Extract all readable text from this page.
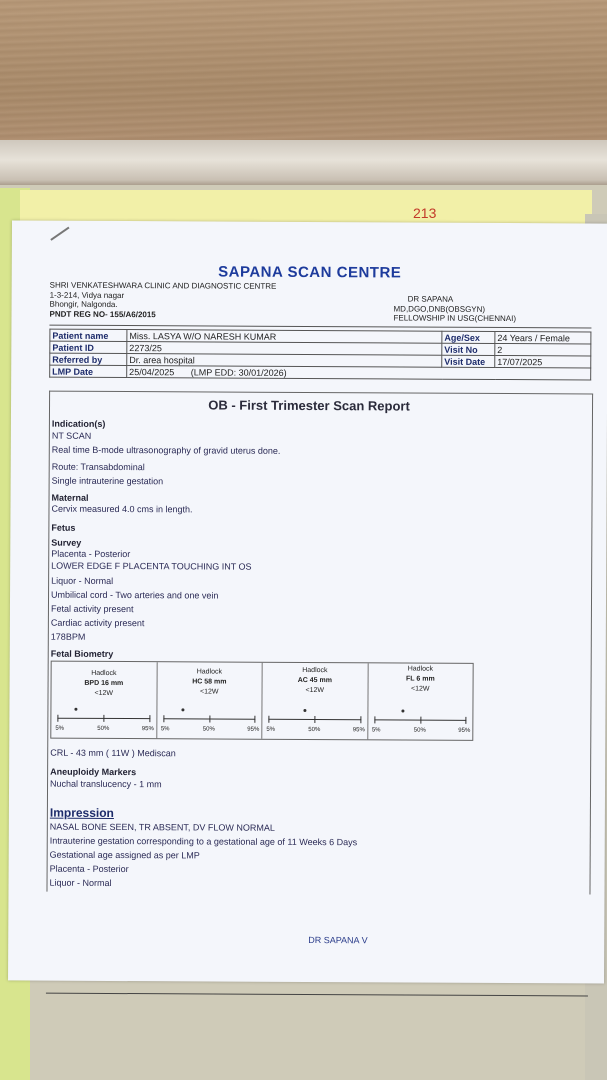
213
SAPANA SCAN CENTRE
SHRI VENKATESHWARA CLINIC AND DIAGNOSTIC CENTRE
1-3-214, Vidya nagar
Bhongir, Nalgonda.
PNDT REG NO- 155/A6/2015
DR SAPANA
MD,DGO,DNB(OBSGYN)
FELLOWSHIP IN USG(CHENNAI)
Patient name	Miss. LASYA W/O NARESH KUMAR	Age/Sex	24 Years / Female
Patient ID	2273/25	Visit No	2
Referred by	Dr. area hospital	Visit Date	17/07/2025
LMP Date	25/04/2025 (LMP EDD: 30/01/2026)		
OB - First Trimester Scan Report
Indication(s)
NT SCAN
Real time B-mode ultrasonography of gravid uterus done.
Route: Transabdominal
Single intrauterine gestation
Maternal
Cervix measured 4.0 cms in length.
Fetus
Survey
Placenta - Posterior
LOWER EDGE F PLACENTA TOUCHING INT OS
Liquor - Normal
Umbilical cord - Two arteries and one vein
Fetal activity present
Cardiac activity present
178BPM
Fetal Biometry
Hadlock
BPD 16 mm
<12W
5%	50%	95%
Hadlock
HC 58 mm
<12W
5%	50%	95%
Hadlock
AC 45 mm
<12W
5%	50%	95%
Hadlock
FL 6 mm
<12W
5%	50%	95%
CRL - 43 mm ( 11W ) Mediscan
Aneuploidy Markers
Nuchal translucency - 1 mm
Impression
NASAL BONE SEEN, TR ABSENT, DV FLOW NORMAL
Intrauterine gestation corresponding to a gestational age of 11 Weeks 6 Days
Gestational age assigned as per LMP
Placenta - Posterior
Liquor - Normal
DR SAPANA V
